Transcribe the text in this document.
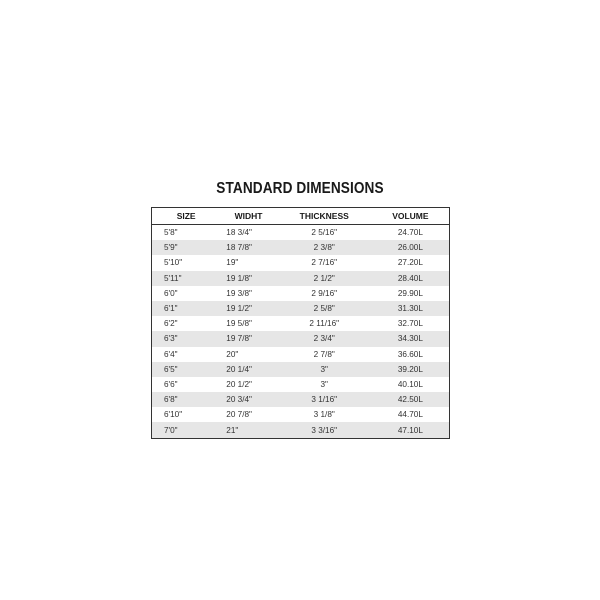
STANDARD DIMENSIONS
SIZE	WIDHT	THICKNESS	VOLUME
5'8"	18 3/4"	2 5/16"	24.70L
5'9"	18 7/8"	2 3/8"	26.00L
5'10"	19"	2 7/16"	27.20L
5'11"	19 1/8"	2 1/2"	28.40L
6'0"	19 3/8"	2 9/16"	29.90L
6'1"	19 1/2"	2 5/8"	31.30L
6'2"	19 5/8"	2 11/16"	32.70L
6'3"	19 7/8"	2 3/4"	34.30L
6'4"	20"	2 7/8"	36.60L
6'5"	20 1/4"	3"	39.20L
6'6"	20 1/2"	3"	40.10L
6'8"	20 3/4"	3 1/16"	42.50L
6'10"	20 7/8"	3 1/8"	44.70L
7'0"	21"	3 3/16"	47.10L
